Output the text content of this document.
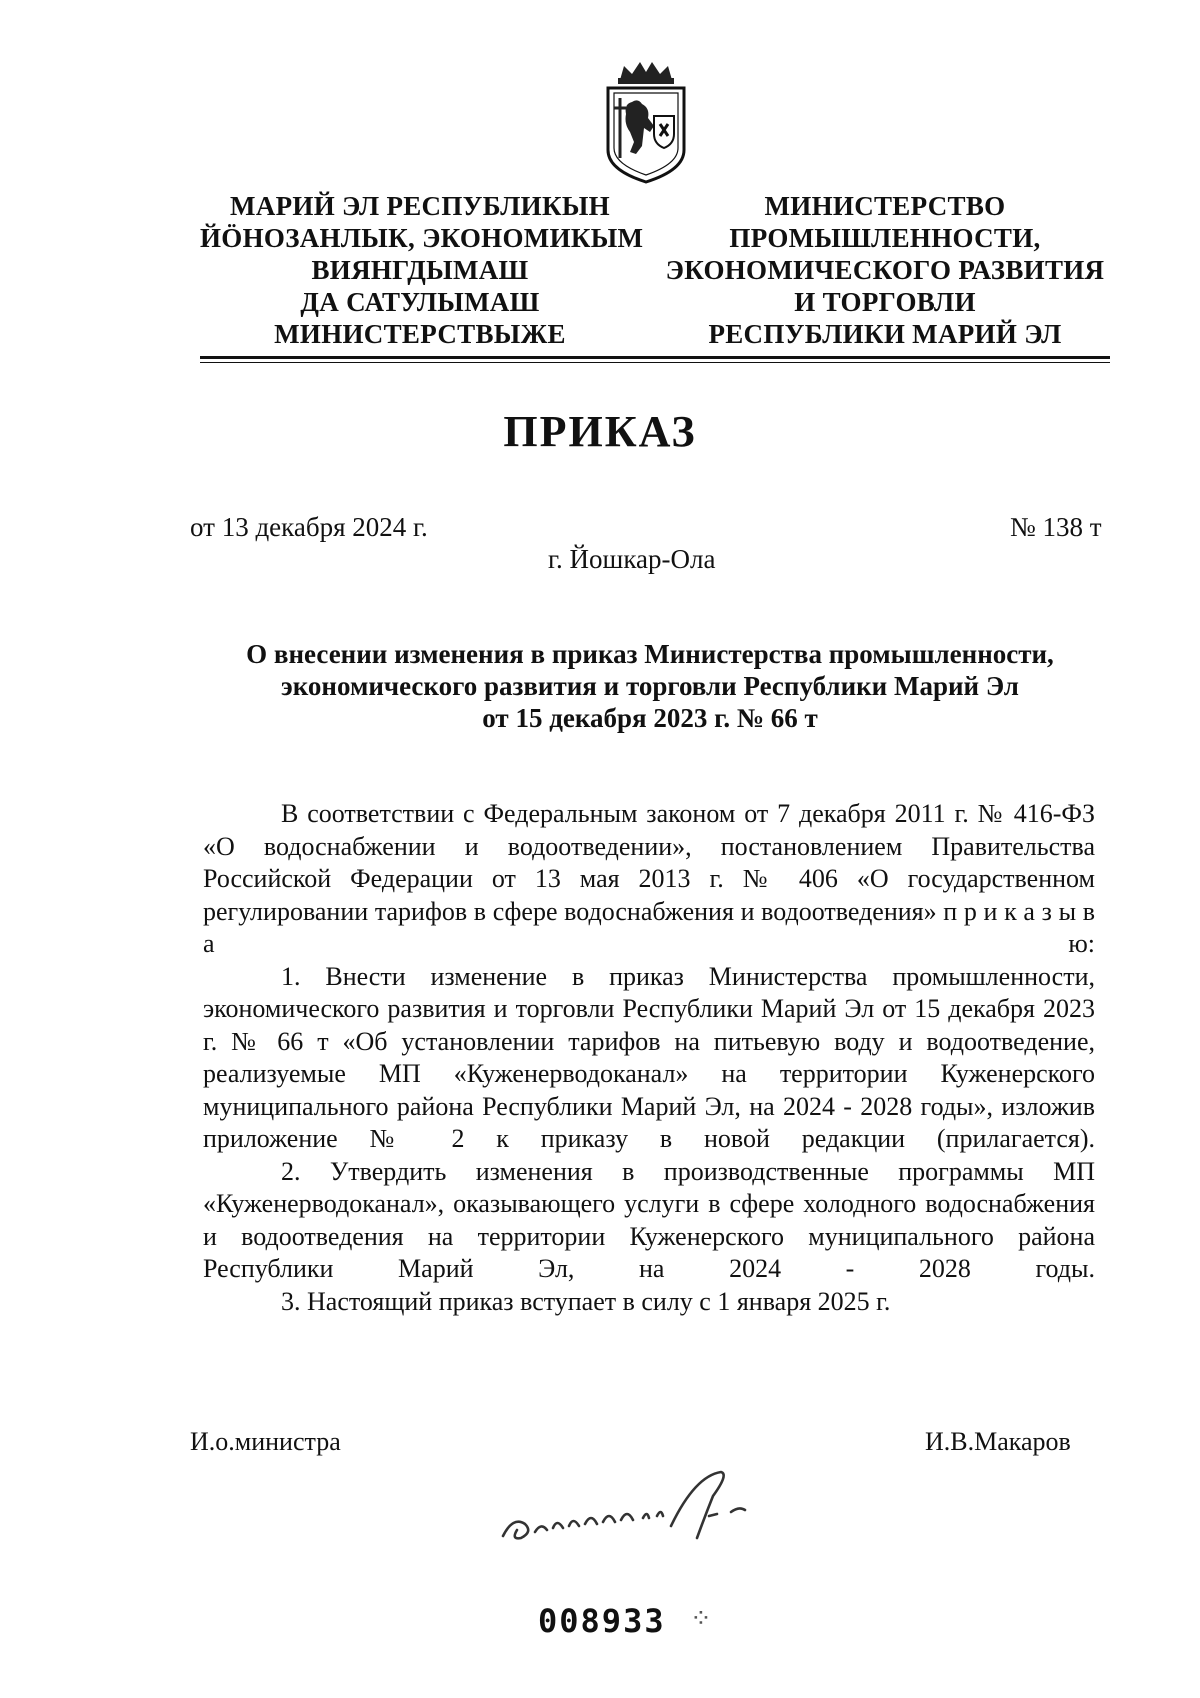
МАРИЙ ЭЛ РЕСПУБЛИКЫН
ЙӦНОЗАНЛЫК, ЭКОНОМИКЫМ
ВИЯНГДЫМАШ
ДА САТУЛЫМАШ
МИНИСТЕРСТВЫЖЕ
МИНИСТЕРСТВО
ПРОМЫШЛЕННОСТИ,
ЭКОНОМИЧЕСКОГО РАЗВИТИЯ
И ТОРГОВЛИ
РЕСПУБЛИКИ МАРИЙ ЭЛ
ПРИКАЗ
от 13 декабря 2024 г.	№ 138 т
г. Йошкар-Ола
О внесении изменения в приказ Министерства промышленности,
экономического развития и торговли Республики Марий Эл
от 15 декабря 2023 г. № 66 т

В соответствии с Федеральным законом от 7 декабря 2011 г. № 416-ФЗ «О водоснабжении и водоотведении», постановлением Правительства Российской Федерации от 13 мая 2013 г. № 406 «О государственном регулировании тарифов в сфере водоснабжения и водоотведения» п р и к а з ы в а ю:

1. Внести изменение в приказ Министерства промышленности, экономического развития и торговли Республики Марий Эл от 15 декабря 2023 г. № 66 т «Об установлении тарифов на питьевую воду и водоотведение, реализуемые МП «Куженерводоканал» на территории Куженерского муниципального района Республики Марий Эл, на 2024 - 2028 годы», изложив приложение № 2 к приказу в новой редакции (прилагается).

2. Утвердить изменения в производственные программы МП «Куженерводоканал», оказывающего услуги в сфере холодного водоснабжения и водоотведения на территории Куженерского муниципального района Республики Марий Эл, на 2024 - 2028 годы.

3. Настоящий приказ вступает в силу с 1 января 2025 г.

И.о.министра	И.В.Макаров
008933 ⁘
